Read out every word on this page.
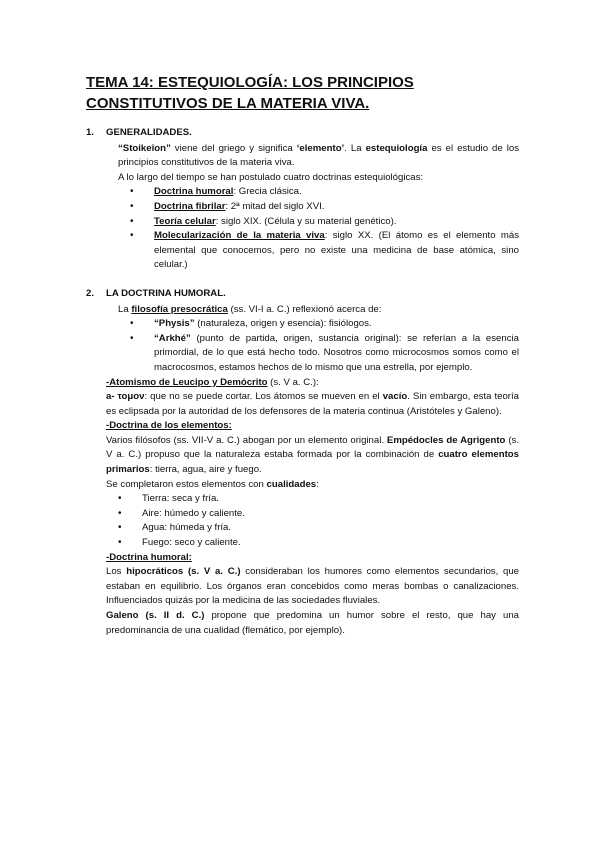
TEMA 14: ESTEQUIOLOGÍA: LOS PRINCIPIOS CONSTITUTIVOS DE LA MATERIA VIVA.
1. GENERALIDADES.

“Stoikeîon” viene del griego y significa ‘elemento’. La estequiología es el estudio de los principios constitutivos de la materia viva.

A lo largo del tiempo se han postulado cuatro doctrinas estequiológicas:

• Doctrina humoral: Grecia clásica.
• Doctrina fibrilar: 2ª mitad del siglo XVI.
• Teoría celular: siglo XIX. (Célula y su material genético).
• Molecularización de la materia viva: siglo XX. (El átomo es el elemento más elemental que conocemos, pero no existe una medicina de base atómica, sino celular.)
2. LA DOCTRINA HUMORAL.

La filosofía presocrática (ss. VI-I a. C.) reflexionó acerca de:

• “Physis” (naturaleza, origen y esencia): fisiólogos.
• “Arkhé” (punto de partida, origen, sustancia original): se referían a la esencia primordial, de lo que está hecho todo. Nosotros como microcosmos somos como el macrocosmos, estamos hechos de lo mismo que una estrella, por ejemplo.

-Atomismo de Leucipo y Demócrito (s. V a. C.):

a- τομον: que no se puede cortar. Los átomos se mueven en el vacío. Sin embargo, esta teoría es eclipsada por la autoridad de los defensores de la materia continua (Aristóteles y Galeno).

-Doctrina de los elementos:

Varios filósofos (ss. VII-V a. C.) abogan por un elemento original. Empédocles de Agrigento (s. V a. C.) propuso que la naturaleza estaba formada por la combinación de cuatro elementos primarios: tierra, agua, aire y fuego.

Se completaron estos elementos con cualidades:

• Tierra: seca y fría.
• Aire: húmedo y caliente.
• Agua: húmeda y fría.
• Fuego: seco y caliente.

-Doctrina humoral:

Los hipocráticos (s. V a. C.) consideraban los humores como elementos secundarios, que estaban en equilibrio. Los órganos eran concebidos como meras bombas o canalizaciones. Influenciados quizás por la medicina de las sociedades fluviales.

Galeno (s. II d. C.) propone que predomina un humor sobre el resto, que hay una predominancia de una cualidad (flemático, por ejemplo).
